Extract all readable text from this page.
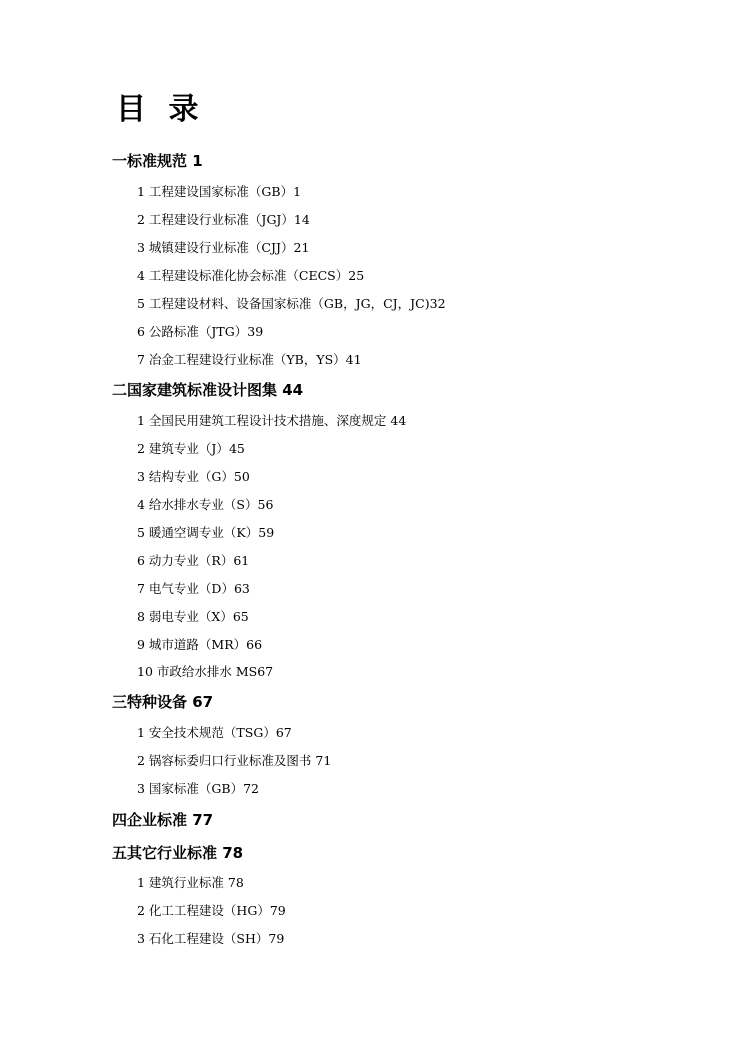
目 录
一标准规范 1
1 工程建设国家标准（GB）1
2 工程建设行业标准（JGJ）14
3 城镇建设行业标准（CJJ）21
4 工程建设标准化协会标准（CECS）25
5 工程建设材料、设备国家标准（GB，JG，CJ，JC)32
6 公路标准（JTG）39
7 冶金工程建设行业标准（YB，YS）41
二国家建筑标准设计图集 44
1 全国民用建筑工程设计技术措施、深度规定 44
2 建筑专业（J）45
3 结构专业（G）50
4 给水排水专业（S）56
5 暖通空调专业（K）59
6 动力专业（R）61
7 电气专业（D）63
8 弱电专业（X）65
9 城市道路（MR）66
10 市政给水排水 MS67
三特种设备 67
1 安全技术规范（TSG）67
2 锅容标委归口行业标准及图书 71
3 国家标准（GB）72
四企业标准 77
五其它行业标准 78
1 建筑行业标准 78
2 化工工程建设（HG）79
3 石化工程建设（SH）79
